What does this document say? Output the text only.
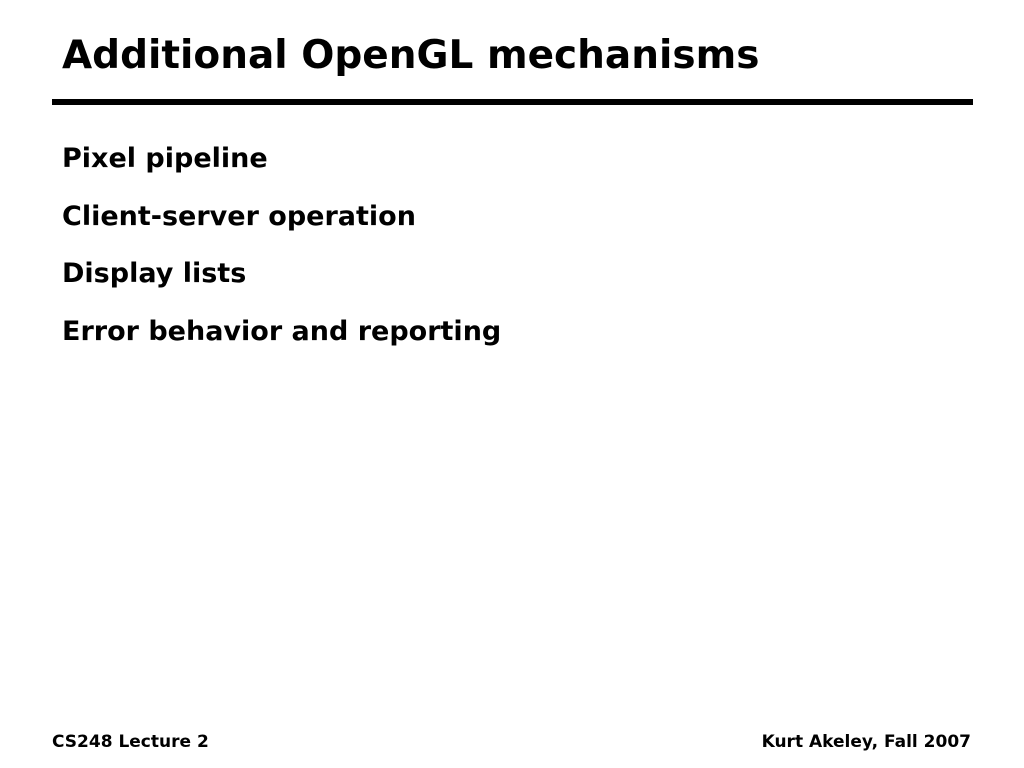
Additional OpenGL mechanisms
Pixel pipeline
Client-server operation
Display lists
Error behavior and reporting
CS248 Lecture 2	Kurt Akeley, Fall 2007
